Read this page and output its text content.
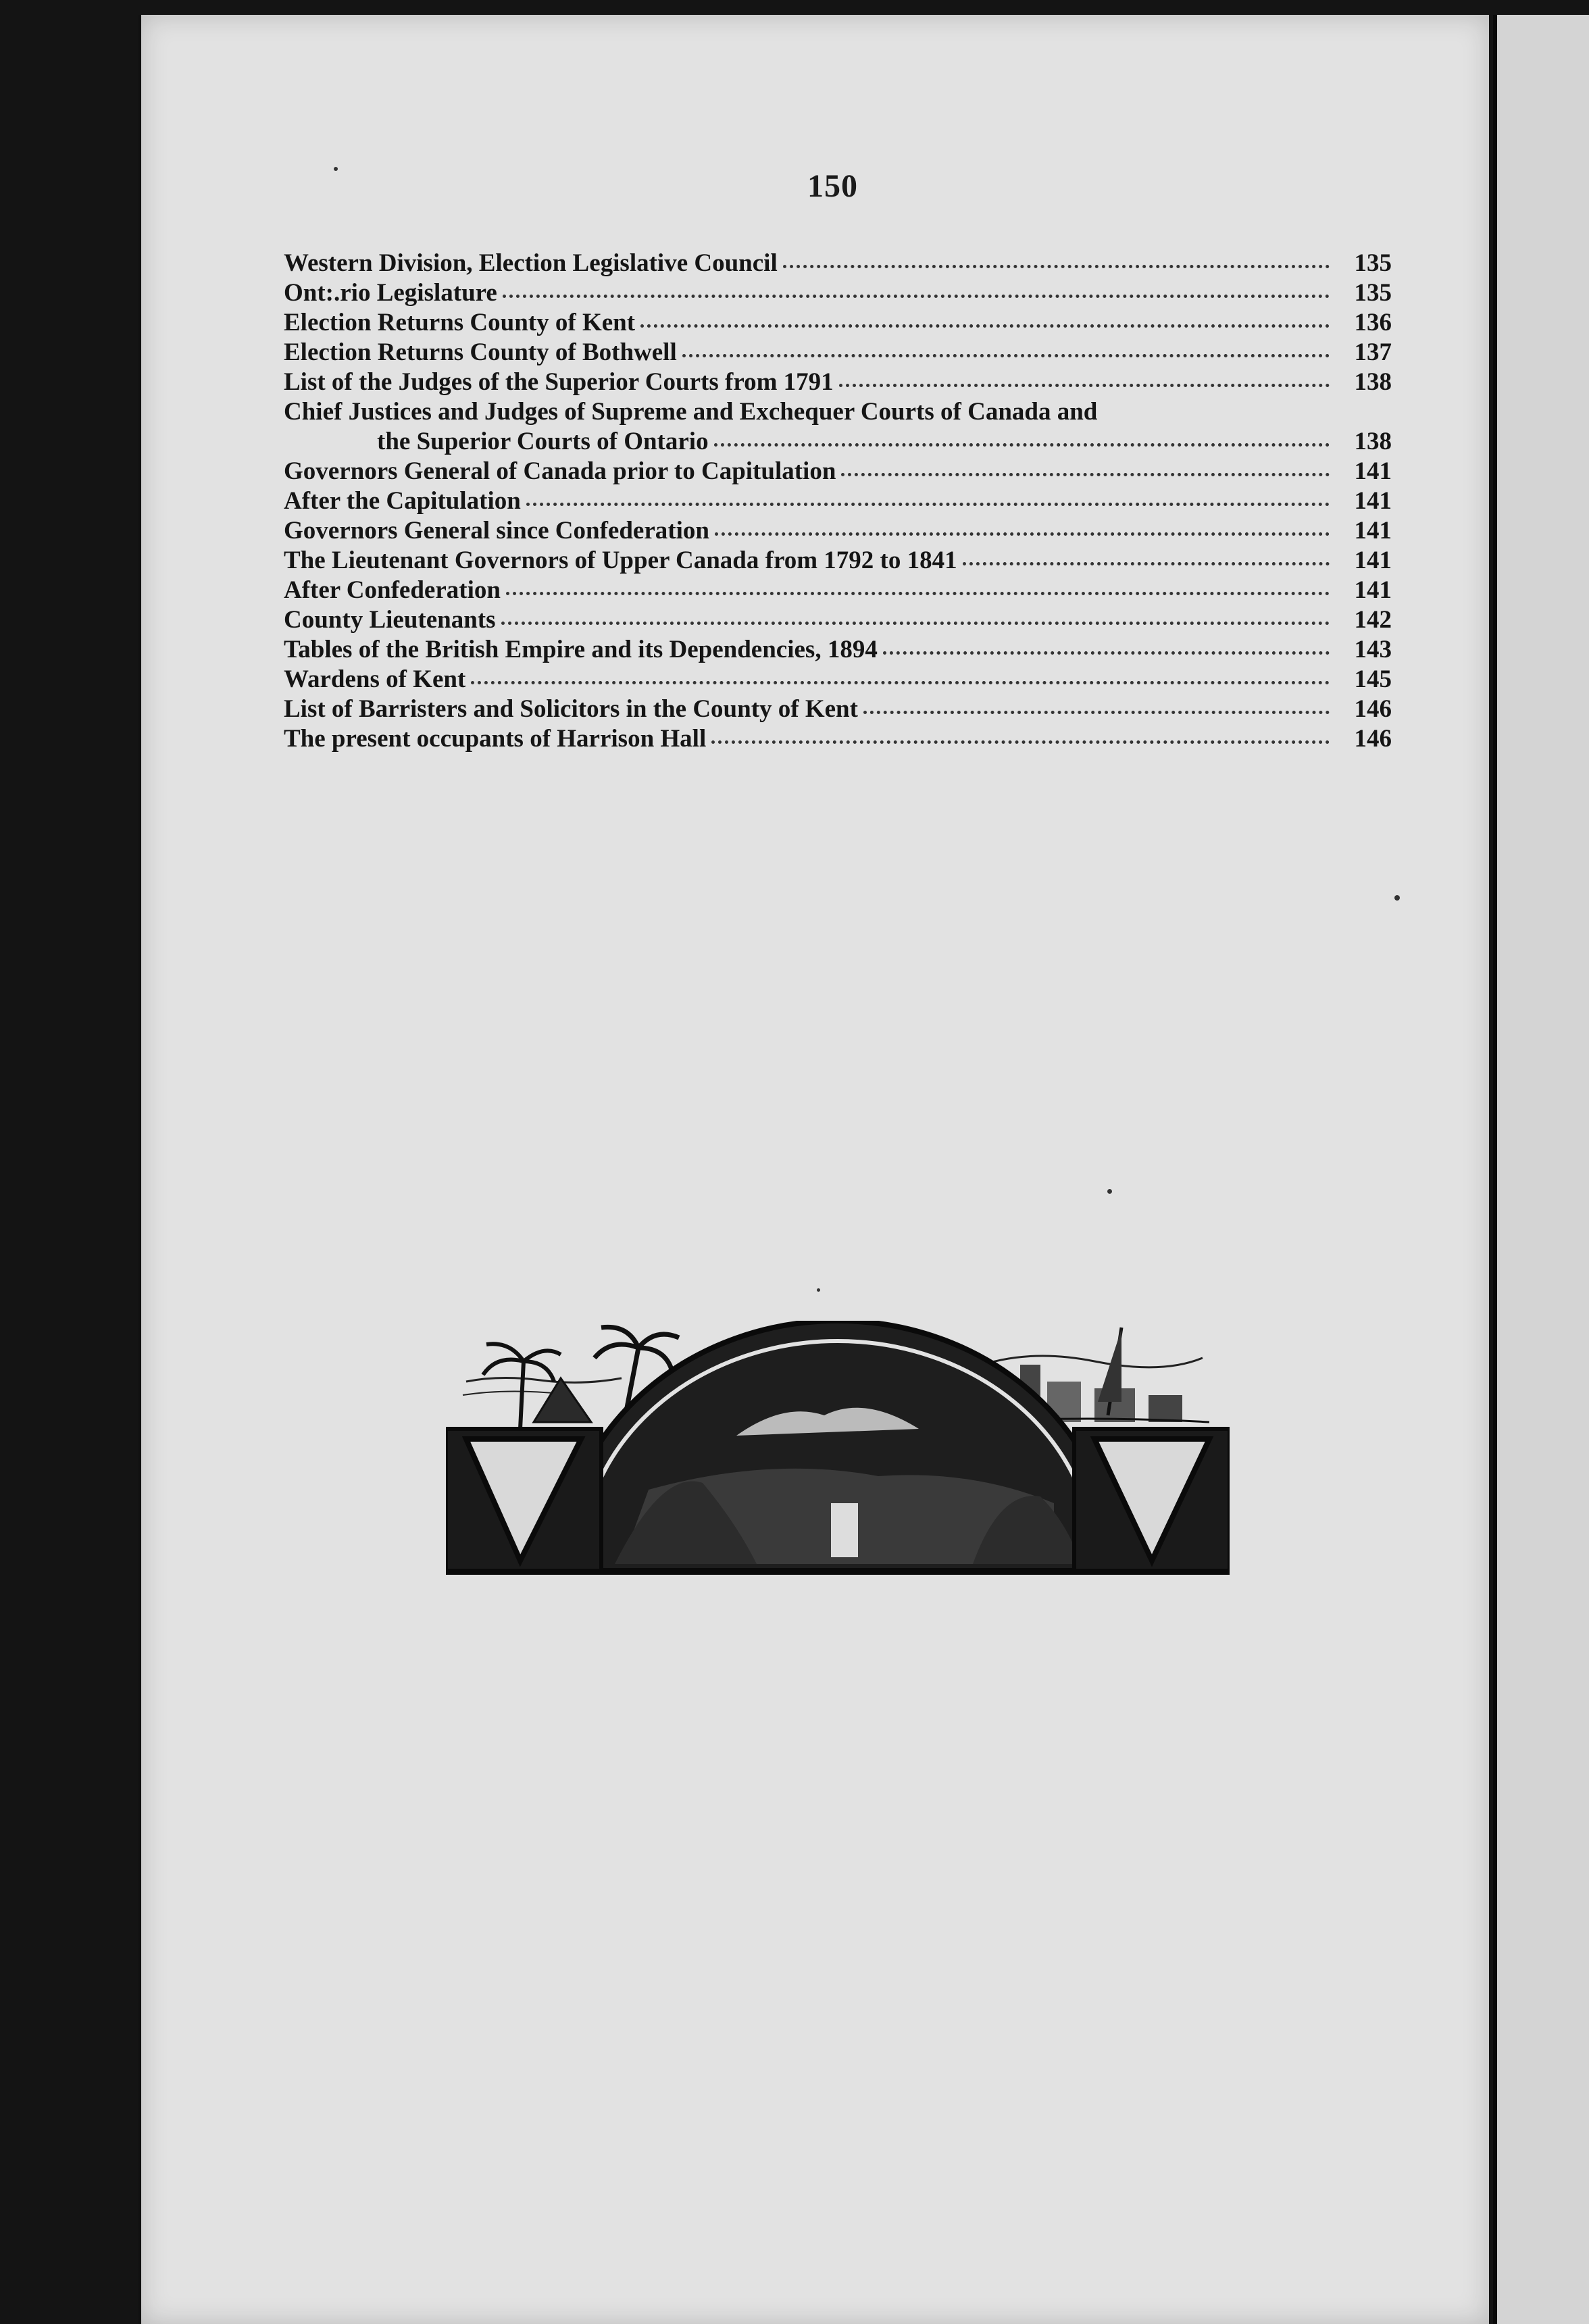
150
Western Division, Election Legislative Council	135
Ont:.rio Legislature	135
Election Returns County of Kent	136
Election Returns County of Bothwell	137
List of the Judges of the Superior Courts from 1791	138
Chief Justices and Judges of Supreme and Exchequer Courts of Canada and
the Superior Courts of Ontario	138
Governors General of Canada prior to Capitulation	141
After the Capitulation	141
Governors General since Confederation	141
The Lieutenant Governors of Upper Canada from 1792 to 1841	141
After Confederation	141
County Lieutenants	142
Tables of the British Empire and its Dependencies, 1894	143
Wardens of Kent	145
List of Barristers and Solicitors in the County of Kent	146
The present occupants of Harrison Hall	146
